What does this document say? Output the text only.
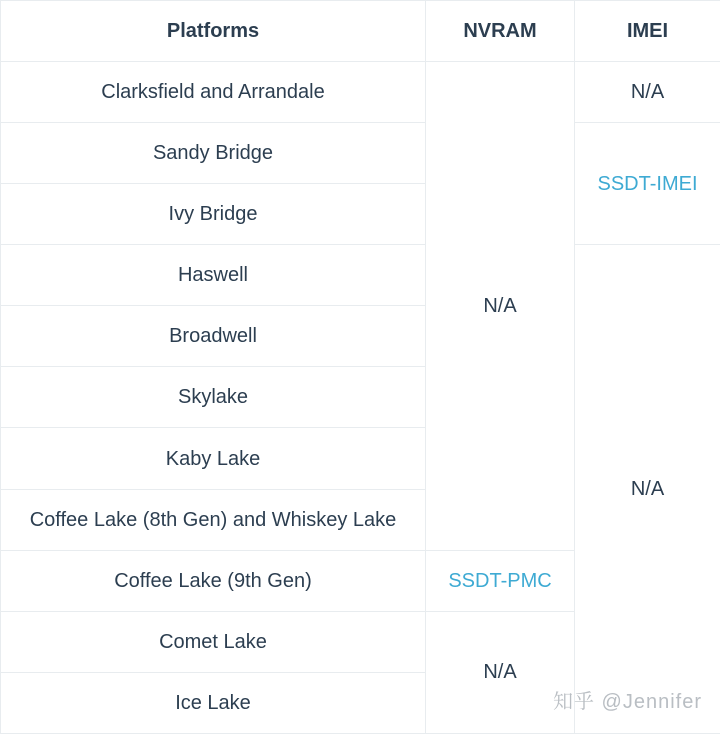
Platforms	NVRAM	IMEI
Clarksfield and Arrandale	N/A	N/A
Sandy Bridge		SSDT-IMEI
Ivy Bridge		
Haswell		N/A
Broadwell		
Skylake		
Kaby Lake		
Coffee Lake (8th Gen) and Whiskey Lake		
Coffee Lake (9th Gen)	SSDT-PMC	
Comet Lake	N/A	
Ice Lake			知乎 @Jennifer
